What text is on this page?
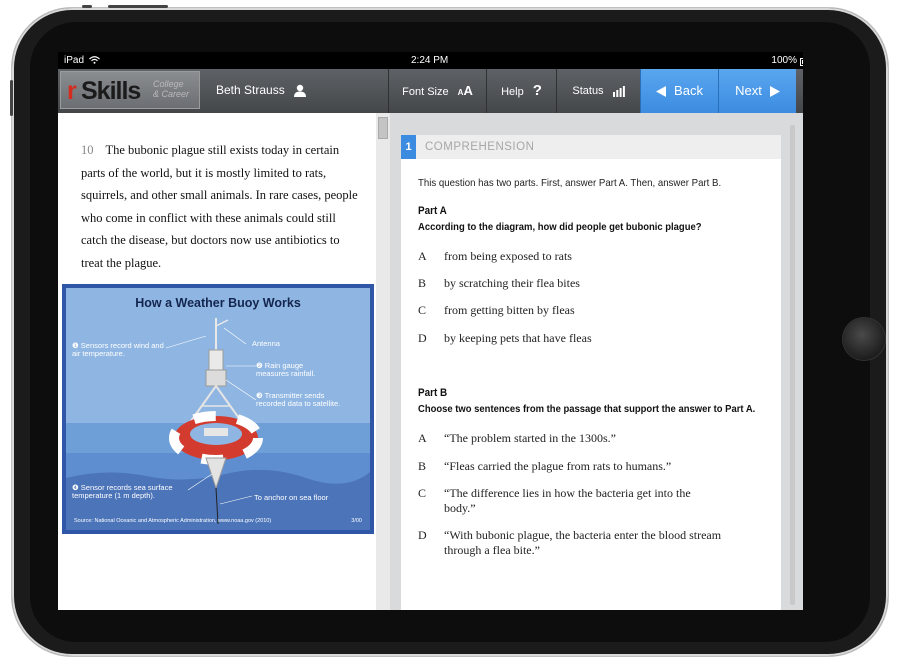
iPad	2:24 PM	100%
r Skills College
& Career Beth Strauss	Font Size AA	Help ?	Status	Back	Next
10 The bubonic plague still exists today in certain parts of the world, but it is mostly limited to rats, squirrels, and other small animals. In rare cases, people who come in conflict with these animals could still catch the disease, but doctors now use antibiotics to treat the plague.
How a Weather Buoy Works
❶ Sensors record wind and air temperature.
Antenna
❷ Rain gauge measures rainfall.
❸ Transmitter sends recorded data to satellite.
❹ Sensor records sea surface temperature (1 m depth).	To anchor on sea floor
Source: National Oceanic and Atmospheric Administration, www.noaa.gov (2010)	3/00
1	COMPREHENSION
This question has two parts. First, answer Part A. Then, answer Part B.
Part A
According to the diagram, how did people get bubonic plague?
A	from being exposed to rats
B	by scratching their flea bites
C	from getting bitten by fleas
D	by keeping pets that have fleas
Part B
Choose two sentences from the passage that support the answer to Part A.
A	“The problem started in the 1300s.”
B	“Fleas carried the plague from rats to humans.”
C	“The difference lies in how the bacteria get into the body.”
D	“With bubonic plague, the bacteria enter the blood stream through a flea bite.”
